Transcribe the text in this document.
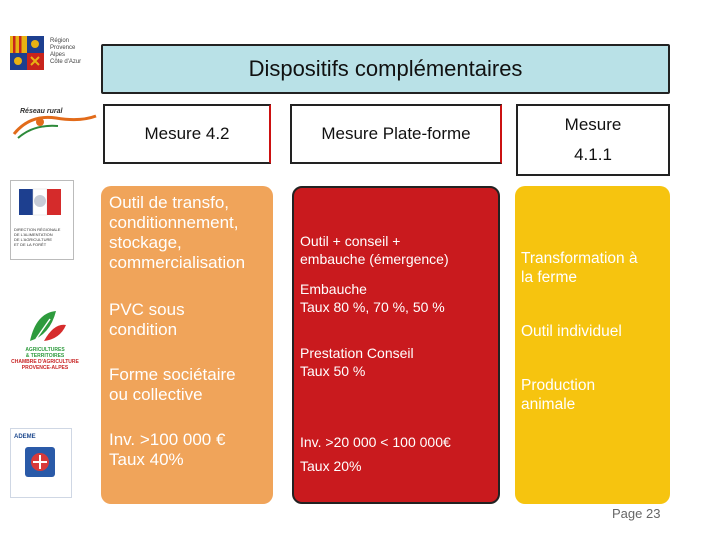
Région
Provence
Alpes
Côte d'Azur
Réseau rural
DIRECTION RÉGIONALE
DE L'ALIMENTATION
DE L'AGRICULTURE
ET DE LA FORÊT
AGRICULTURES
& TERRITOIRES
CHAMBRE D'AGRICULTURE
PROVENCE-ALPES
ADEME
Dispositifs complémentaires
Mesure 4.2	Mesure Plate-forme	Mesure
4.1.1
Outil de transfo,
conditionnement,
stockage,
commercialisation
PVC sous
condition
Forme sociétaire
ou collective
Inv. >100 000 €
Taux 40%
Outil + conseil +
embauche (émergence)
Embauche
Taux 80 %, 70 %, 50 %
Prestation Conseil
Taux 50 %
Inv. >20 000 < 100 000€
Taux 20%
Transformation à
la ferme
Outil individuel
Production
animale
Page 23
